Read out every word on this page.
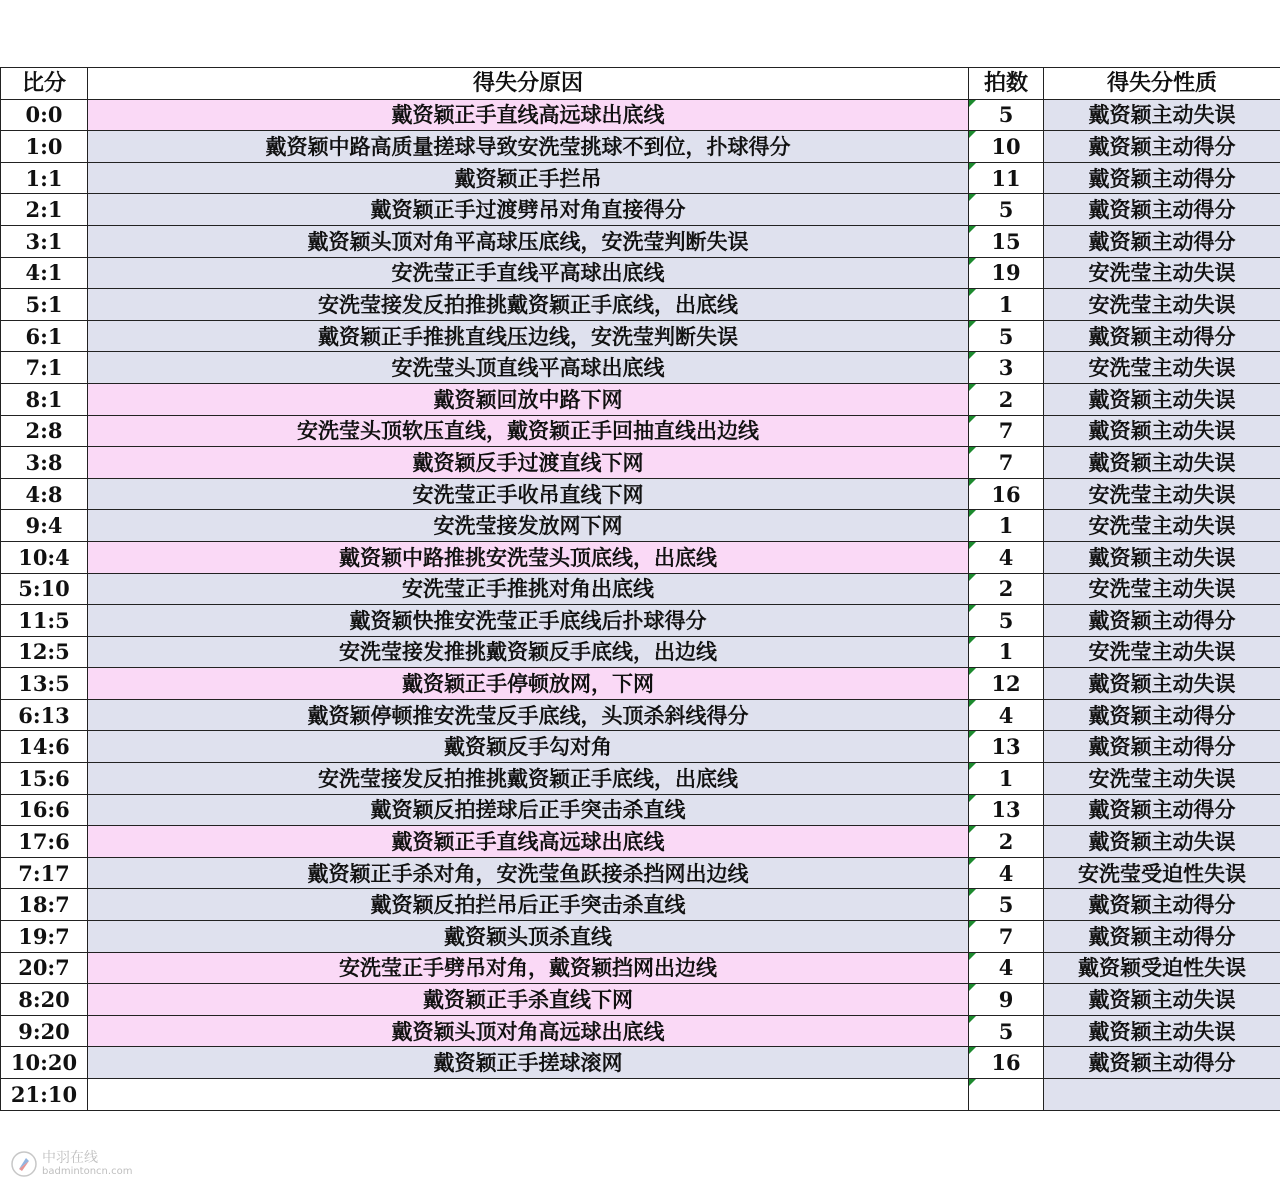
比分	得失分原因	拍数	得失分性质
0:0	戴资颖正手直线高远球出底线	5	戴资颖主动失误
1:0	戴资颖中路高质量搓球导致安洗莹挑球不到位，扑球得分	10	戴资颖主动得分
1:1	戴资颖正手拦吊	11	戴资颖主动得分
2:1	戴资颖正手过渡劈吊对角直接得分	5	戴资颖主动得分
3:1	戴资颖头顶对角平高球压底线，安洗莹判断失误	15	戴资颖主动得分
4:1	安洗莹正手直线平高球出底线	19	安洗莹主动失误
5:1	安洗莹接发反拍推挑戴资颖正手底线，出底线	1	安洗莹主动失误
6:1	戴资颖正手推挑直线压边线，安洗莹判断失误	5	戴资颖主动得分
7:1	安洗莹头顶直线平高球出底线	3	安洗莹主动失误
8:1	戴资颖回放中路下网	2	戴资颖主动失误
2:8	安洗莹头顶软压直线，戴资颖正手回抽直线出边线	7	戴资颖主动失误
3:8	戴资颖反手过渡直线下网	7	戴资颖主动失误
4:8	安洗莹正手收吊直线下网	16	安洗莹主动失误
9:4	安洗莹接发放网下网	1	安洗莹主动失误
10:4	戴资颖中路推挑安洗莹头顶底线，出底线	4	戴资颖主动失误
5:10	安洗莹正手推挑对角出底线	2	安洗莹主动失误
11:5	戴资颖快推安洗莹正手底线后扑球得分	5	戴资颖主动得分
12:5	安洗莹接发推挑戴资颖反手底线，出边线	1	安洗莹主动失误
13:5	戴资颖正手停顿放网，下网	12	戴资颖主动失误
6:13	戴资颖停顿推安洗莹反手底线，头顶杀斜线得分	4	戴资颖主动得分
14:6	戴资颖反手勾对角	13	戴资颖主动得分
15:6	安洗莹接发反拍推挑戴资颖正手底线，出底线	1	安洗莹主动失误
16:6	戴资颖反拍搓球后正手突击杀直线	13	戴资颖主动得分
17:6	戴资颖正手直线高远球出底线	2	戴资颖主动失误
7:17	戴资颖正手杀对角，安洗莹鱼跃接杀挡网出边线	4	安洗莹受迫性失误
18:7	戴资颖反拍拦吊后正手突击杀直线	5	戴资颖主动得分
19:7	戴资颖头顶杀直线	7	戴资颖主动得分
20:7	安洗莹正手劈吊对角，戴资颖挡网出边线	4	戴资颖受迫性失误
8:20	戴资颖正手杀直线下网	9	戴资颖主动失误
9:20	戴资颖头顶对角高远球出底线	5	戴资颖主动失误
10:20	戴资颖正手搓球滚网	16	戴资颖主动得分
21:10			
中羽在线
badmintoncn.com
